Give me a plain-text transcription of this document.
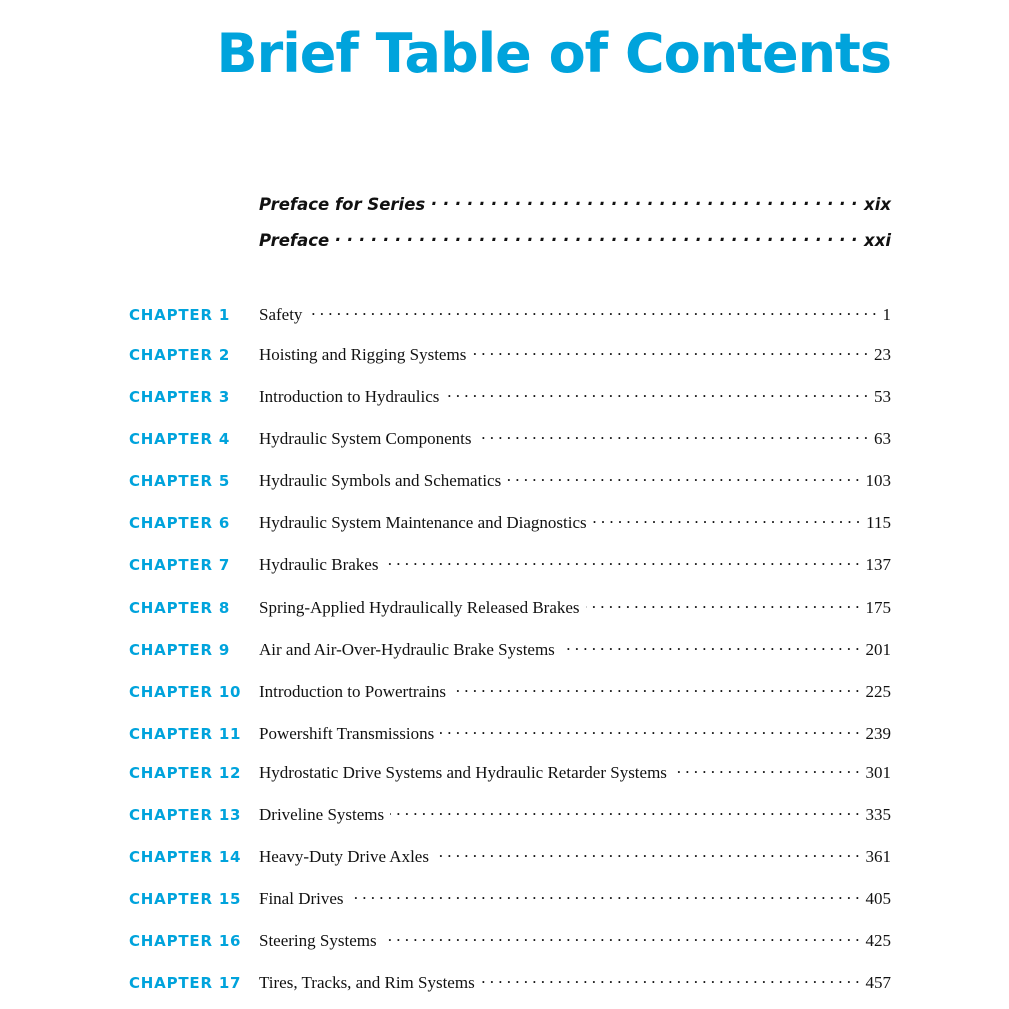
Brief Table of Contents
Preface for Series . . .	xix
Preface . . .	xxi
CHAPTER 1	Safety . . .	1
CHAPTER 2	Hoisting and Rigging Systems . . .	23
CHAPTER 3	Introduction to Hydraulics . . .	53
CHAPTER 4	Hydraulic System Components . . .	63
CHAPTER 5	Hydraulic Symbols and Schematics . . .	103
CHAPTER 6	Hydraulic System Maintenance and Diagnostics . . .	115
CHAPTER 7	Hydraulic Brakes . . .	137
CHAPTER 8	Spring-Applied Hydraulically Released Brakes . . .	175
CHAPTER 9	Air and Air-Over-Hydraulic Brake Systems . . .	201
CHAPTER 10	Introduction to Powertrains . . .	225
CHAPTER 11	Powershift Transmissions . . .	239
CHAPTER 12	Hydrostatic Drive Systems and Hydraulic Retarder Systems . . .	301
CHAPTER 13	Driveline Systems . . .	335
CHAPTER 14	Heavy-Duty Drive Axles . . .	361
CHAPTER 15	Final Drives . . .	405
CHAPTER 16	Steering Systems . . .	425
CHAPTER 17	Tires, Tracks, and Rim Systems . . .	457
